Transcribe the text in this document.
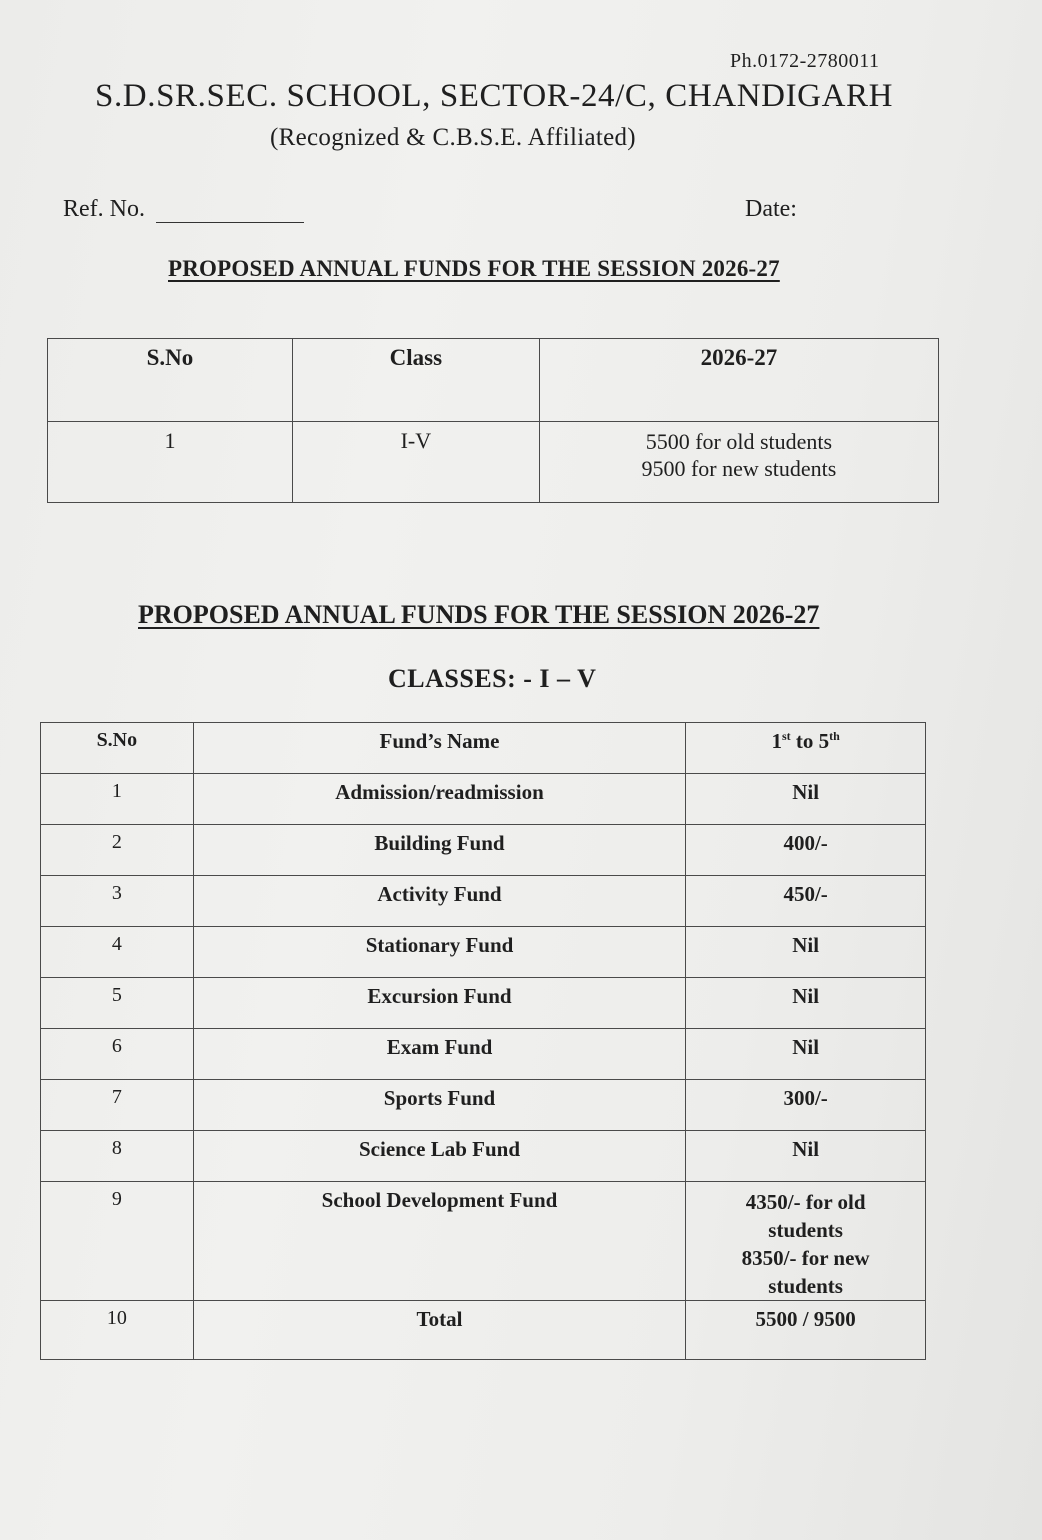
Ph.0172-2780011
S.D.SR.SEC. SCHOOL, SECTOR-24/C, CHANDIGARH
(Recognized & C.B.S.E. Affiliated)
Ref. No.	Date:
PROPOSED ANNUAL FUNDS FOR THE SESSION 2026-27
S.No	Class	2026-27
1	I-V	5500 for old students
9500 for new students
PROPOSED ANNUAL FUNDS FOR THE SESSION 2026-27
CLASSES: - I – V
S.No	Fund’s Name	1st to 5th
1	Admission/readmission	Nil
2	Building Fund	400/-
3	Activity Fund	450/-
4	Stationary Fund	Nil
5	Excursion Fund	Nil
6	Exam Fund	Nil
7	Sports Fund	300/-
8	Science Lab Fund	Nil
9	School Development Fund	4350/- for old
students
8350/- for new
students

10	Total	5500 / 9500
